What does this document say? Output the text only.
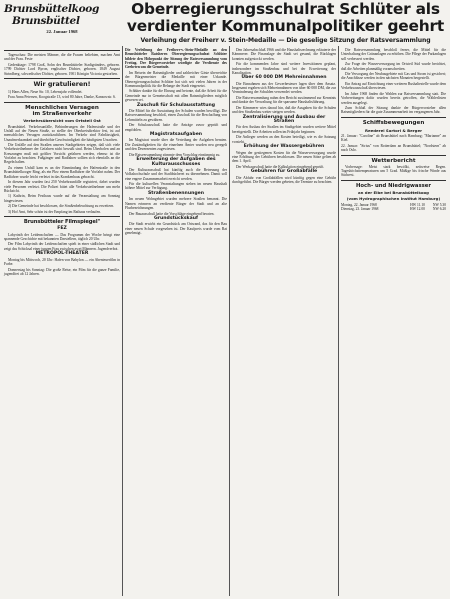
Brunsbüttelkoog
Brunsbüttel
22. Januar 1968
Oberregierungsschulrat Schlüter als verdienter Kommunalpolitiker geehrt
Verleihung der Freiherr v. Stein-Medaille — Die geselige Sitzung der Ratsversammlung

Tagesschau: Die meisten Männer, die die Frauen beliebten, machen Amt und der Frau. Feste

Gedenktage: 1798 Groß, Sohn des Brunsbütteler Stadtgründers, geboren. 1799 Dichter Lord Byron, englischer Dichter, geboren. 1849 August Strindberg, schwedischer Dichter, geboren. 1901 Königin Victoria gestorben.

Wir gratulieren!

1) Hans Allen, Neue Str. 10, Lebensjahr vollendet.

Frau Anna Petersen, Koogstraße 13, wird 80 Jahre, Danke, Kanzowstr. 6.

Menschliches Versagen
im Straßenverkehr
Verkehrsübersicht vom Ortsteil Ost

Brunsbüttel. Verkehrsunfälle, Behinderungen der Hafenstraße und der Unfall auf der Neuen Straße, so stellte der Oberkreisdirektor fest, ist auf menschliches Versagen zurückzuführen. Im Verkehr sind Fahrlässigkeit, Unaufmerksamkeit und überhöhte Geschwindigkeit die häufigsten Ursachen.

Die Unfälle auf den Straßen unseres Stadtgebietes zeigen, daß sich viele Verkehrsteilnehmer der Gefahren nicht bewußt sind. Beim Überholen und an Kreuzungen muß mit größter Vorsicht gefahren werden, ebenso ist die Vorfahrt zu beachten. Fußgänger und Radfahrer sollten sich ebenfalls an die Regeln halten.

Zu einem Unfall kam es an der Einmündung der Hafenstraße in den Brunsbüttelkooger Ring, als ein Pkw einem Radfahrer die Vorfahrt nahm. Der Radfahrer wurde leicht verletzt in das Krankenhaus gebracht.

In diesem Jahr wurden fast 250 Verkehrsunfälle registriert, dabei wurden viele Personen verletzt. Die Polizei bittet alle Verkehrsteilnehmer um mehr Rücksicht.

1) Kathrin, Beim Festhaus wurde auf die Veranstaltung am Sonntag hingewiesen.

2) Die Gemeinde hat beschlossen, die Straßenbeleuchtung zu erweitern.

3) Hof Amt, Sehr schön ist der Empfang im Rathaus verlaufen.

Brunsbütteler Filmspiegel"
FEZ

Labyrinth der Leidenschaften — Das Programm der Woche bringt eine spannende Geschichte mit bekannten Darstellern, täglich 20 Uhr.

Der Film Labyrinth der Leidenschaften spielt in einer südlichen Stadt und zeigt das Schicksal einer jungen Frau zwischen zwei Männern. Jugendverbot.

METROPOL-THEATER

Montag bis Mittwoch, 20 Uhr: Hafen von Babylon — ein Abenteuerfilm in Farbe.

Donnerstag bis Sonntag: Die große Reise, ein Film für die ganze Familie, jugendfrei ab 12 Jahren.

Die Verleihung der Freiherr-v.-Stein-Medaille an den Brunsbütteler Ratsherrn Oberregierungsschulrat Schlüter bildete den Höhepunkt der Sitzung der Ratsversammlung vom Freitag. Der Bürgervorsteher würdigte die Verdienste des Geehrten um die Gemeinde.

Im Beisein der Ratsmitglieder und zahlreicher Gäste überreichte der Bürgermeister die Medaille mit einer Urkunde. Oberregierungsschulrat Schlüter hat sich seit vielen Jahren in der Kommunalpolitik für die Belange der Stadt eingesetzt.

Schlüter dankte für die Ehrung und betonte, daß die Arbeit für die Gemeinde nur in Gemeinschaft mit allen Ratsmitgliedern möglich gewesen sei.

Zuschuß für Schulausstattung

Die Mittel für die Ausstattung der Schulen wurden bewilligt. Die Ratsversammlung beschloß, einen Zuschuß für die Beschaffung von Lehrmitteln zu gewähren.

Der Schulausschuß hatte die Anträge zuvor geprüft und empfohlen.

Magistratsaufgaben

Im Magistrat wurde über die Verteilung der Aufgaben beraten. Die Zuständigkeiten für die einzelnen Ämter wurden neu geregelt und den Dezernenten zugewiesen.

Die Ratsversammlung stimmte dem Vorschlag einstimmig zu.

Erweiterung der Aufgaben des Kulturausschusses

Der Kulturausschuß hat künftig auch die Betreuung der Volkshochschule und der Stadtbücherei zu übernehmen. Damit soll eine engere Zusammenarbeit erreicht werden.

Für die kulturellen Veranstaltungen stehen im neuen Haushalt höhere Mittel zur Verfügung.

Straßenbenennungen

Im neuen Wohngebiet wurden mehrere Straßen benannt. Die Namen erinnern an verdiente Bürger der Stadt und an alte Flurbezeichnungen.

Der Bauausschuß hatte die Vorschläge eingehend beraten.

Grundstückskauf

Die Stadt erwirbt ein Grundstück am Ortsrand, das für den Bau einer neuen Schule vorgesehen ist. Der Kaufpreis wurde vom Rat genehmigt.

Den Jahresabschluß 1966 und die Haushaltsrechnung erläuterte der Kämmerer. Die Finanzlage der Stadt sei gesund, die Rücklagen konnten aufgestockt werden.

Für die kommenden Jahre sind weitere Investitionen geplant, insbesondere im Straßenbau und bei der Erweiterung der Kanalisation.

Über 60 000 DM Mehreinnahmen

Die Einnahmen aus der Gewerbesteuer lagen über dem Ansatz. Insgesamt ergaben sich Mehreinnahmen von über 60 000 DM, die zur Verminderung der Schulden verwendet werden.

Die Ratsversammlung nahm den Bericht zustimmend zur Kenntnis und dankte der Verwaltung für die sparsame Haushaltsführung.

Der Kämmerer wies darauf hin, daß die Ausgaben für die Schulen und den Straßenbau weiter steigen werden.

Zentralisierung und Ausbau der Straßen

Für den Ausbau der Straßen im Stadtgebiet wurden weitere Mittel bereitgestellt. Die Arbeiten sollen im Frühjahr beginnen.

Die Anlieger werden an den Kosten beteiligt, wie es die Satzung vorsieht.

Erhöhung der Wassergebühren

Wegen der gestiegenen Kosten für die Wasserversorgung wurde eine Erhöhung der Gebühren beschlossen. Die neuen Sätze gelten ab dem 1. April.

Der Werkausschuß hatte die Kalkulation eingehend geprüft.

Gebühren für Großabfälle

Die Abfuhr von Großabfällen wird künftig gegen eine Gebühr durchgeführt. Die Bürger werden gebeten, die Termine zu beachten.

Die Ratsversammlung beschloß ferner, die Mittel für die Unterhaltung der Grünanlagen zu erhöhen. Die Pflege der Parkanlagen soll verbessert werden.

Zur Frage der Wasserversorgung im Ortsteil Süd wurde berichtet, daß die Arbeiten planmäßig voranschreiten.

Die Versorgung der Neubaugebiete mit Gas und Strom ist gesichert; die Anschlüsse werden in den nächsten Monaten hergestellt.

Ein Antrag auf Einrichtung einer weiteren Bushaltestelle wurde dem Verkehrsausschuß überwiesen.

Im Jahre 1968 finden die Wahlen zur Ratsversammlung statt. Die Vorbereitungen dafür wurden bereits getroffen, die Wählerlisten werden ausgelegt.

Zum Schluß der Sitzung dankte der Bürgervorsteher allen Ratsmitgliedern für die gute Zusammenarbeit im vergangenen Jahr.

Schiffsbewegungen
Reederei Sartori & Berger

21. Januar: "Caroline" ab Brunsbüttel nach Hamburg; "Marianne" an Kiel.

22. Januar: "Sirius" von Rotterdam an Brunsbüttel; "Nordstern" ab nach Oslo.

Wetterbericht

Vorhersage: Meist stark bewölkt, zeitweise Regen. Tageshöchsttemperaturen um 5 Grad. Mäßige bis frische Winde aus Südwest.

Hoch- und Niedrigwasser
an der Elbe bei Brunsbüttelkoog
(vom Hydrographischen Institut Hamburg)
Montag, 22. Januar 1968	HW 11.10	NW 5.30
Dienstag, 23. Januar 1968	HW 12.00	NW 6.20
